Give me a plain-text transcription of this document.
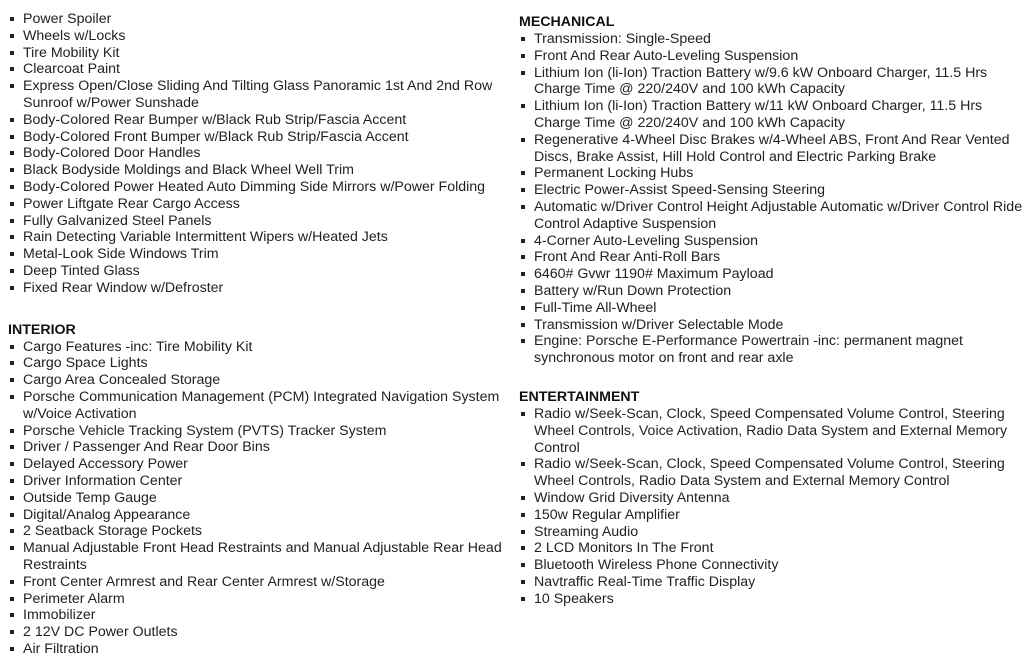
Power Spoiler
Wheels w/Locks
Tire Mobility Kit
Clearcoat Paint
Express Open/Close Sliding And Tilting Glass Panoramic 1st And 2nd Row Sunroof w/Power Sunshade
Body-Colored Rear Bumper w/Black Rub Strip/Fascia Accent
Body-Colored Front Bumper w/Black Rub Strip/Fascia Accent
Body-Colored Door Handles
Black Bodyside Moldings and Black Wheel Well Trim
Body-Colored Power Heated Auto Dimming Side Mirrors w/Power Folding
Power Liftgate Rear Cargo Access
Fully Galvanized Steel Panels
Rain Detecting Variable Intermittent Wipers w/Heated Jets
Metal-Look Side Windows Trim
Deep Tinted Glass
Fixed Rear Window w/Defroster
INTERIOR
Cargo Features -inc: Tire Mobility Kit
Cargo Space Lights
Cargo Area Concealed Storage
Porsche Communication Management (PCM) Integrated Navigation System w/Voice Activation
Porsche Vehicle Tracking System (PVTS) Tracker System
Driver / Passenger And Rear Door Bins
Delayed Accessory Power
Driver Information Center
Outside Temp Gauge
Digital/Analog Appearance
2 Seatback Storage Pockets
Manual Adjustable Front Head Restraints and Manual Adjustable Rear Head Restraints
Front Center Armrest and Rear Center Armrest w/Storage
Perimeter Alarm
Immobilizer
2 12V DC Power Outlets
Air Filtration
MECHANICAL
Transmission: Single-Speed
Front And Rear Auto-Leveling Suspension
Lithium Ion (li-Ion) Traction Battery w/9.6 kW Onboard Charger, 11.5 Hrs Charge Time @ 220/240V and 100 kWh Capacity
Lithium Ion (li-Ion) Traction Battery w/11 kW Onboard Charger, 11.5 Hrs Charge Time @ 220/240V and 100 kWh Capacity
Regenerative 4-Wheel Disc Brakes w/4-Wheel ABS, Front And Rear Vented Discs, Brake Assist, Hill Hold Control and Electric Parking Brake
Permanent Locking Hubs
Electric Power-Assist Speed-Sensing Steering
Automatic w/Driver Control Height Adjustable Automatic w/Driver Control Ride Control Adaptive Suspension
4-Corner Auto-Leveling Suspension
Front And Rear Anti-Roll Bars
6460# Gvwr 1190# Maximum Payload
Battery w/Run Down Protection
Full-Time All-Wheel
Transmission w/Driver Selectable Mode
Engine: Porsche E-Performance Powertrain -inc: permanent magnet synchronous motor on front and rear axle
ENTERTAINMENT
Radio w/Seek-Scan, Clock, Speed Compensated Volume Control, Steering Wheel Controls, Voice Activation, Radio Data System and External Memory Control
Radio w/Seek-Scan, Clock, Speed Compensated Volume Control, Steering Wheel Controls, Radio Data System and External Memory Control
Window Grid Diversity Antenna
150w Regular Amplifier
Streaming Audio
2 LCD Monitors In The Front
Bluetooth Wireless Phone Connectivity
Navtraffic Real-Time Traffic Display
10 Speakers
